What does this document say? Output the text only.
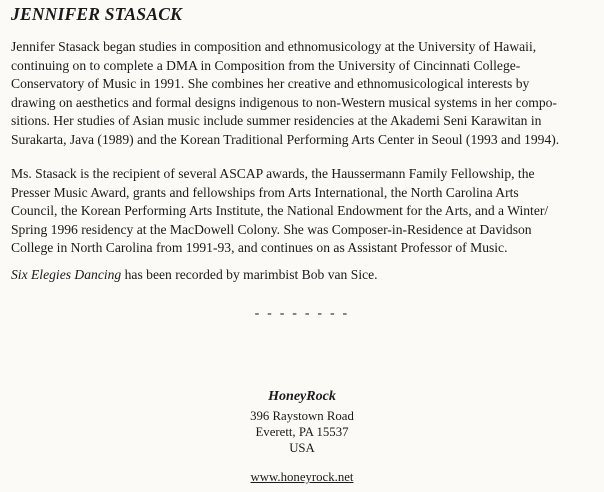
JENNIFER STASACK

Jennifer Stasack began studies in composition and ethnomusicology at the University of Hawaii,
continuing on to complete a DMA in Composition from the University of Cincinnati College-
Conservatory of Music in 1991. She combines her creative and ethnomusicological interests by
drawing on aesthetics and formal designs indigenous to non-Western musical systems in her compo-
sitions. Her studies of Asian music include summer residencies at the Akademi Seni Karawitan in
Surakarta, Java (1989) and the Korean Traditional Performing Arts Center in Seoul (1993 and 1994).

Ms. Stasack is the recipient of several ASCAP awards, the Haussermann Family Fellowship, the
Presser Music Award, grants and fellowships from Arts International, the North Carolina Arts
Council, the Korean Performing Arts Institute, the National Endowment for the Arts, and a Winter/
Spring 1996 residency at the MacDowell Colony. She was Composer-in-Residence at Davidson
College in North Carolina from 1991-93, and continues on as Assistant Professor of Music.

Six Elegies Dancing has been recorded by marimbist Bob van Sice.

- - - - - - - -

HoneyRock
396 Raystown Road
Everett, PA 15537
USA
www.honeyrock.net
